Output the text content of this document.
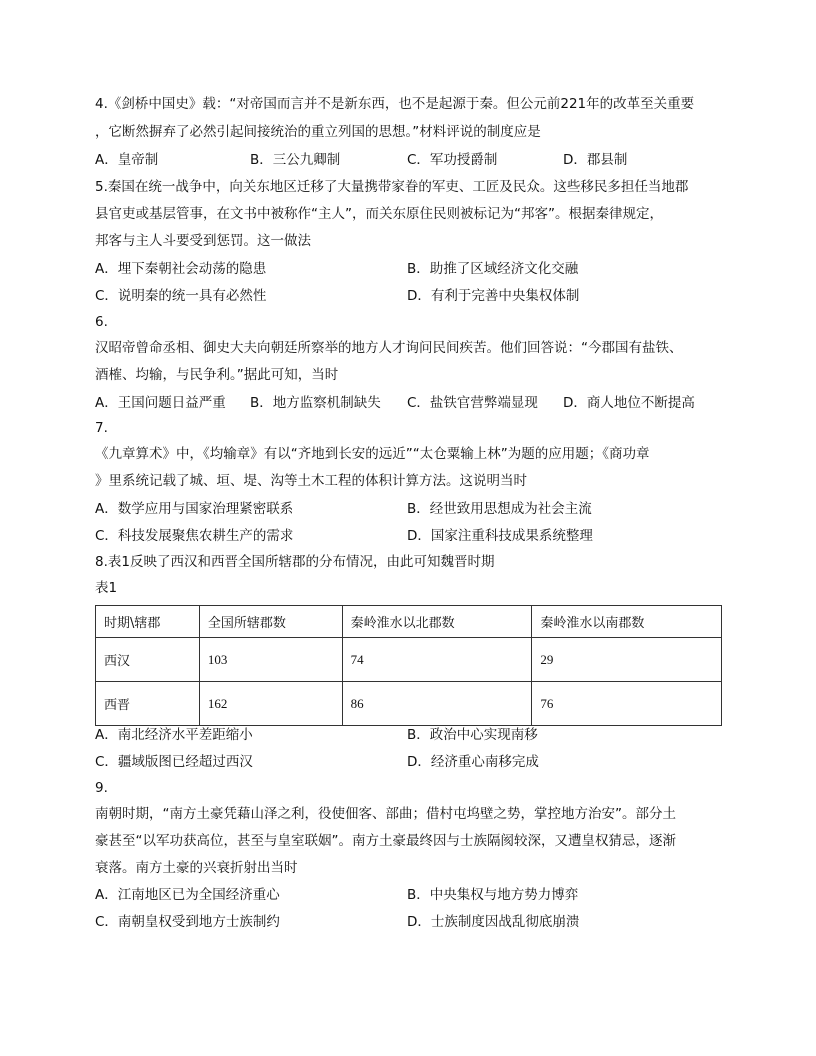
4.《剑桥中国史》载：“对帝国而言并不是新东西，也不是起源于秦。但公元前221年的改革至关重要
，它断然摒弃了必然引起间接统治的重立列国的思想。”材料评说的制度应是
A．皇帝制	B．三公九卿制	C．军功授爵制	D．郡县制
5.秦国在统一战争中，向关东地区迁移了大量携带家眷的军吏、工匠及民众。这些移民多担任当地郡
县官吏或基层管事，在文书中被称作“主人”，而关东原住民则被标记为“邦客”。根据秦律规定，
邦客与主人斗要受到惩罚。这一做法
A．埋下秦朝社会动荡的隐患	B．助推了区域经济文化交融
C．说明秦的统一具有必然性	D．有利于完善中央集权体制
6.
汉昭帝曾命丞相、御史大夫向朝廷所察举的地方人才询问民间疾苦。他们回答说：“今郡国有盐铁、
酒榷、均输，与民争利。”据此可知，当时
A．王国问题日益严重 B．地方监察机制缺失 C．盐铁官营弊端显现 D．商人地位不断提高
7.
《九章算术》中，《均输章》有以“齐地到长安的远近”“太仓粟输上林”为题的应用题；《商功章
》里系统记载了城、垣、堤、沟等土木工程的体积计算方法。这说明当时
A．数学应用与国家治理紧密联系	B．经世致用思想成为社会主流
C．科技发展聚焦农耕生产的需求	D．国家注重科技成果系统整理
8.表1反映了西汉和西晋全国所辖郡的分布情况，由此可知魏晋时期
表1
时期\辖郡	全国所辖郡数	秦岭淮水以北郡数	秦岭淮水以南郡数
西汉	103	74	29
西晋	162	86	76
A．南北经济水平差距缩小	B．政治中心实现南移
C．疆域版图已经超过西汉	D．经济重心南移完成
9.
南朝时期，“南方土豪凭藉山泽之利，役使佃客、部曲；借村屯坞壁之势，掌控地方治安”。部分土
豪甚至“以军功获高位，甚至与皇室联姻”。南方土豪最终因与士族隔阂较深，又遭皇权猜忌，逐渐
衰落。南方土豪的兴衰折射出当时
A．江南地区已为全国经济重心	B．中央集权与地方势力博弈
C．南朝皇权受到地方士族制约	D．士族制度因战乱彻底崩溃
